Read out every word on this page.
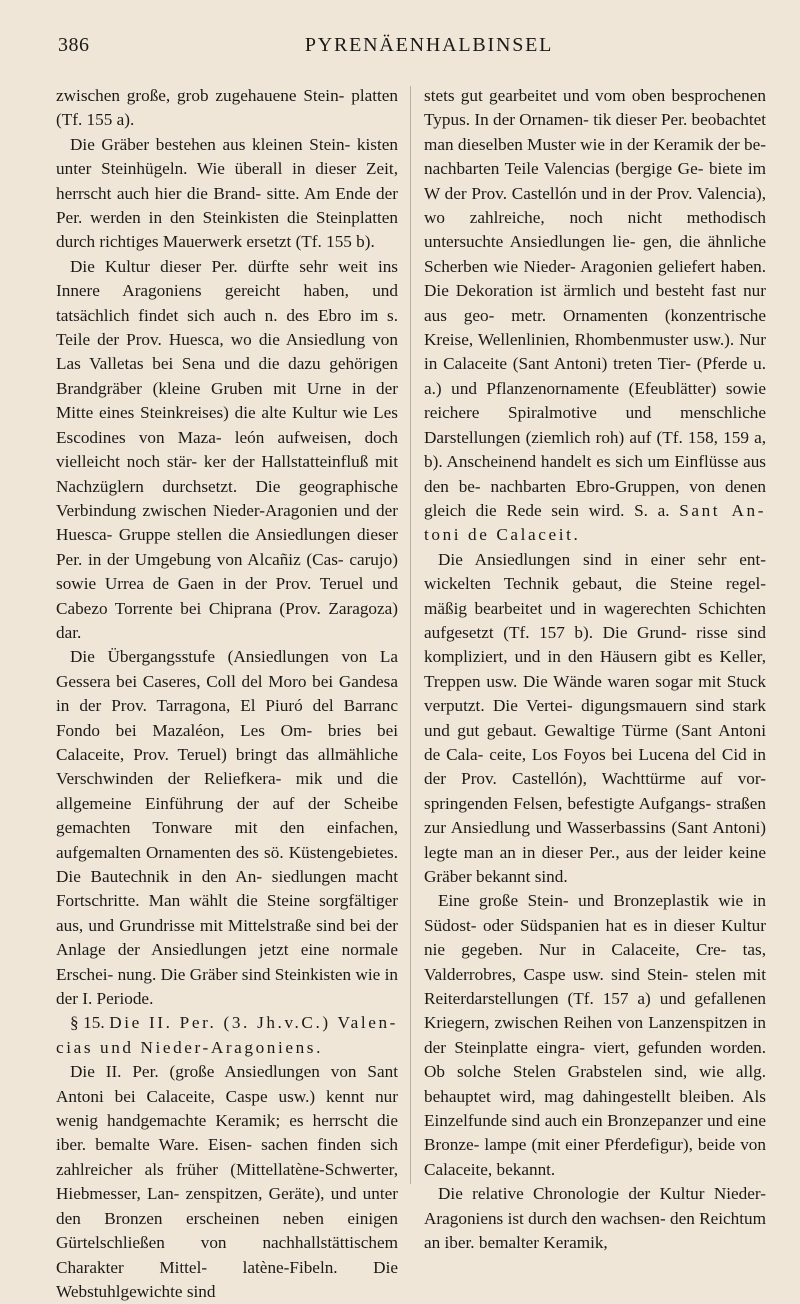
386	PYRENÄENHALBINSEL

zwischen große, grob zugehauene Stein- platten (Tf. 155 a).

Die Gräber bestehen aus kleinen Stein- kisten unter Steinhügeln. Wie überall in dieser Zeit, herrscht auch hier die Brand- sitte. Am Ende der Per. werden in den Steinkisten die Steinplatten durch richtiges Mauerwerk ersetzt (Tf. 155 b).

Die Kultur dieser Per. dürfte sehr weit ins Innere Aragoniens gereicht haben, und tatsächlich findet sich auch n. des Ebro im s. Teile der Prov. Huesca, wo die Ansiedlung von Las Valletas bei Sena und die dazu gehörigen Brandgräber (kleine Gruben mit Urne in der Mitte eines Steinkreises) die alte Kultur wie Les Escodines von Maza- león aufweisen, doch vielleicht noch stär- ker der Hallstatteinfluß mit Nachzüglern durchsetzt. Die geographische Verbindung zwischen Nieder-Aragonien und der Huesca- Gruppe stellen die Ansiedlungen dieser Per. in der Umgebung von Alcañiz (Cas- carujo) sowie Urrea de Gaen in der Prov. Teruel und Cabezo Torrente bei Chiprana (Prov. Zaragoza) dar.

Die Übergangsstufe (Ansiedlungen von La Gessera bei Caseres, Coll del Moro bei Gandesa in der Prov. Tarragona, El Piuró del Barranc Fondo bei Mazaléon, Les Om- bries bei Calaceite, Prov. Teruel) bringt das allmähliche Verschwinden der Reliefkera- mik und die allgemeine Einführung der auf der Scheibe gemachten Tonware mit den einfachen, aufgemalten Ornamenten des sö. Küstengebietes. Die Bautechnik in den An- siedlungen macht Fortschritte. Man wählt die Steine sorgfältiger aus, und Grundrisse mit Mittelstraße sind bei der Anlage der Ansiedlungen jetzt eine normale Erschei- nung. Die Gräber sind Steinkisten wie in der I. Periode.

§ 15. Die II. Per. (3. Jh.v.C.) Valen- cias und Nieder-Aragoniens.

Die II. Per. (große Ansiedlungen von Sant Antoni bei Calaceite, Caspe usw.) kennt nur wenig handgemachte Keramik; es herrscht die iber. bemalte Ware. Eisen- sachen finden sich zahlreicher als früher (Mittellatène-Schwerter, Hiebmesser, Lan- zenspitzen, Geräte), und unter den Bronzen erscheinen neben einigen Gürtelschließen von nachhallstättischem Charakter Mittel- latène-Fibeln. Die Webstuhlgewichte sind

stets gut gearbeitet und vom oben besprochenen Typus. In der Ornamen- tik dieser Per. beobachtet man dieselben Muster wie in der Keramik der be- nachbarten Teile Valencias (bergige Ge- biete im W der Prov. Castellón und in der Prov. Valencia), wo zahlreiche, noch nicht methodisch untersuchte Ansiedlungen lie- gen, die ähnliche Scherben wie Nieder- Aragonien geliefert haben. Die Dekoration ist ärmlich und besteht fast nur aus geo- metr. Ornamenten (konzentrische Kreise, Wellenlinien, Rhombenmuster usw.). Nur in Calaceite (Sant Antoni) treten Tier- (Pferde u. a.) und Pflanzenornamente (Efeublätter) sowie reichere Spiralmotive und menschliche Darstellungen (ziemlich roh) auf (Tf. 158, 159 a, b). Anscheinend handelt es sich um Einflüsse aus den be- nachbarten Ebro-Gruppen, von denen gleich die Rede sein wird. S. a. Sant An- toni de Calaceit.

Die Ansiedlungen sind in einer sehr ent- wickelten Technik gebaut, die Steine regel- mäßig bearbeitet und in wagerechten Schichten aufgesetzt (Tf. 157 b). Die Grund- risse sind kompliziert, und in den Häusern gibt es Keller, Treppen usw. Die Wände waren sogar mit Stuck verputzt. Die Vertei- digungsmauern sind stark und gut gebaut. Gewaltige Türme (Sant Antoni de Cala- ceite, Los Foyos bei Lucena del Cid in der Prov. Castellón), Wachttürme auf vor- springenden Felsen, befestigte Aufgangs- straßen zur Ansiedlung und Wasserbassins (Sant Antoni) legte man an in dieser Per., aus der leider keine Gräber bekannt sind.

Eine große Stein- und Bronzeplastik wie in Südost- oder Südspanien hat es in dieser Kultur nie gegeben. Nur in Calaceite, Cre- tas, Valderrobres, Caspe usw. sind Stein- stelen mit Reiterdarstellungen (Tf. 157 a) und gefallenen Kriegern, zwischen Reihen von Lanzenspitzen in der Steinplatte eingra- viert, gefunden worden. Ob solche Stelen Grabstelen sind, wie allg. behauptet wird, mag dahingestellt bleiben. Als Einzelfunde sind auch ein Bronzepanzer und eine Bronze- lampe (mit einer Pferdefigur), beide von Calaceite, bekannt.

Die relative Chronologie der Kultur Nieder-Aragoniens ist durch den wachsen- den Reichtum an iber. bemalter Keramik,
